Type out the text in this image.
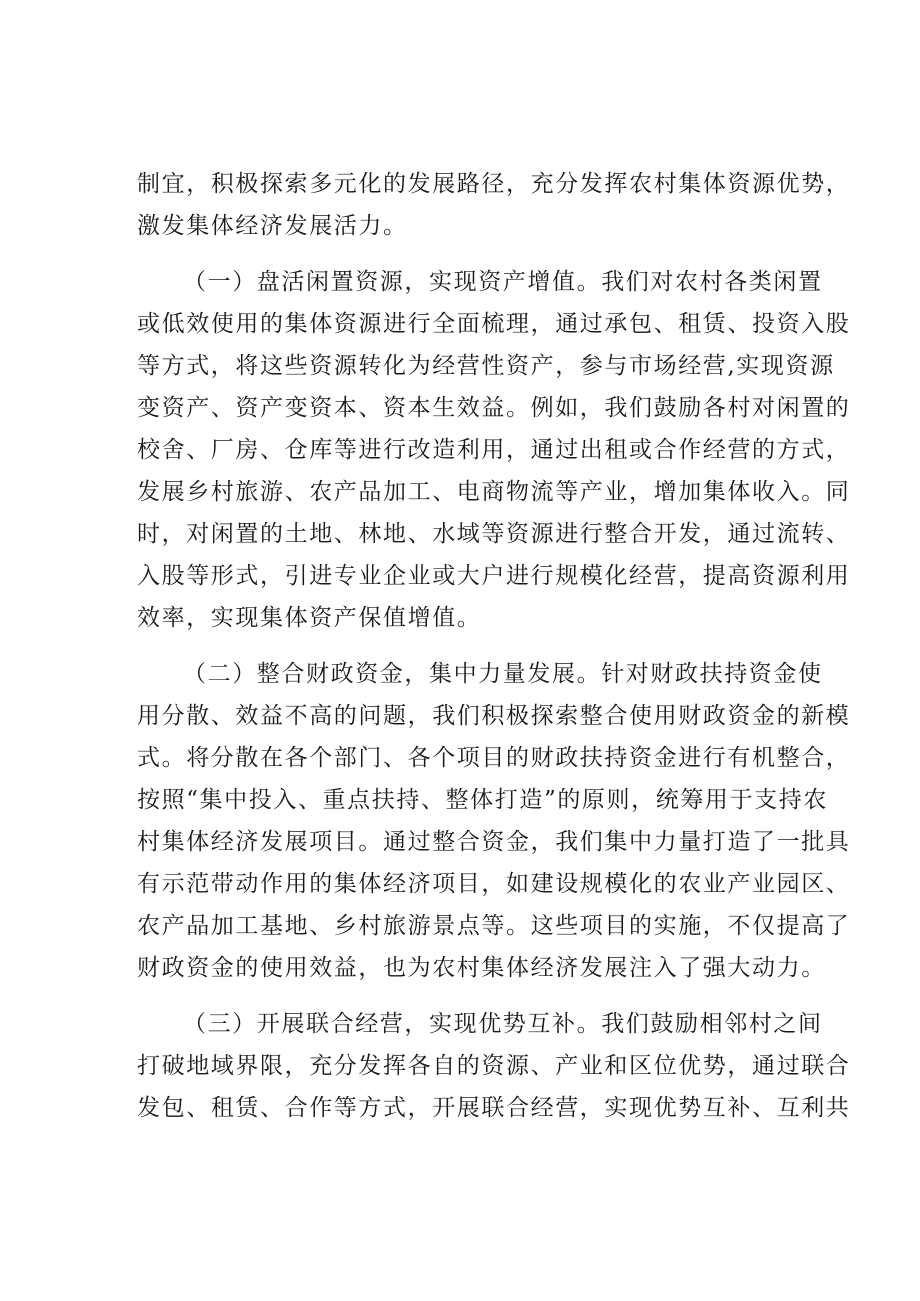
制宜，积极探索多元化的发展路径，充分发挥农村集体资源优势，
激发集体经济发展活力。
（一）盘活闲置资源，实现资产增值。我们对农村各类闲置
或低效使用的集体资源进行全面梳理，通过承包、租赁、投资入股
等方式，将这些资源转化为经营性资产，参与市场经营,实现资源
变资产、资产变资本、资本生效益。例如，我们鼓励各村对闲置的
校舍、厂房、仓库等进行改造利用，通过出租或合作经营的方式，
发展乡村旅游、农产品加工、电商物流等产业，增加集体收入。同
时，对闲置的土地、林地、水域等资源进行整合开发，通过流转、
入股等形式，引进专业企业或大户进行规模化经营，提高资源利用
效率，实现集体资产保值增值。
（二）整合财政资金，集中力量发展。针对财政扶持资金使
用分散、效益不高的问题，我们积极探索整合使用财政资金的新模
式。将分散在各个部门、各个项目的财政扶持资金进行有机整合，
按照“集中投入、重点扶持、整体打造”的原则，统筹用于支持农
村集体经济发展项目。通过整合资金，我们集中力量打造了一批具
有示范带动作用的集体经济项目，如建设规模化的农业产业园区、
农产品加工基地、乡村旅游景点等。这些项目的实施，不仅提高了
财政资金的使用效益，也为农村集体经济发展注入了强大动力。
（三）开展联合经营，实现优势互补。我们鼓励相邻村之间
打破地域界限，充分发挥各自的资源、产业和区位优势，通过联合
发包、租赁、合作等方式，开展联合经营，实现优势互补、互利共
